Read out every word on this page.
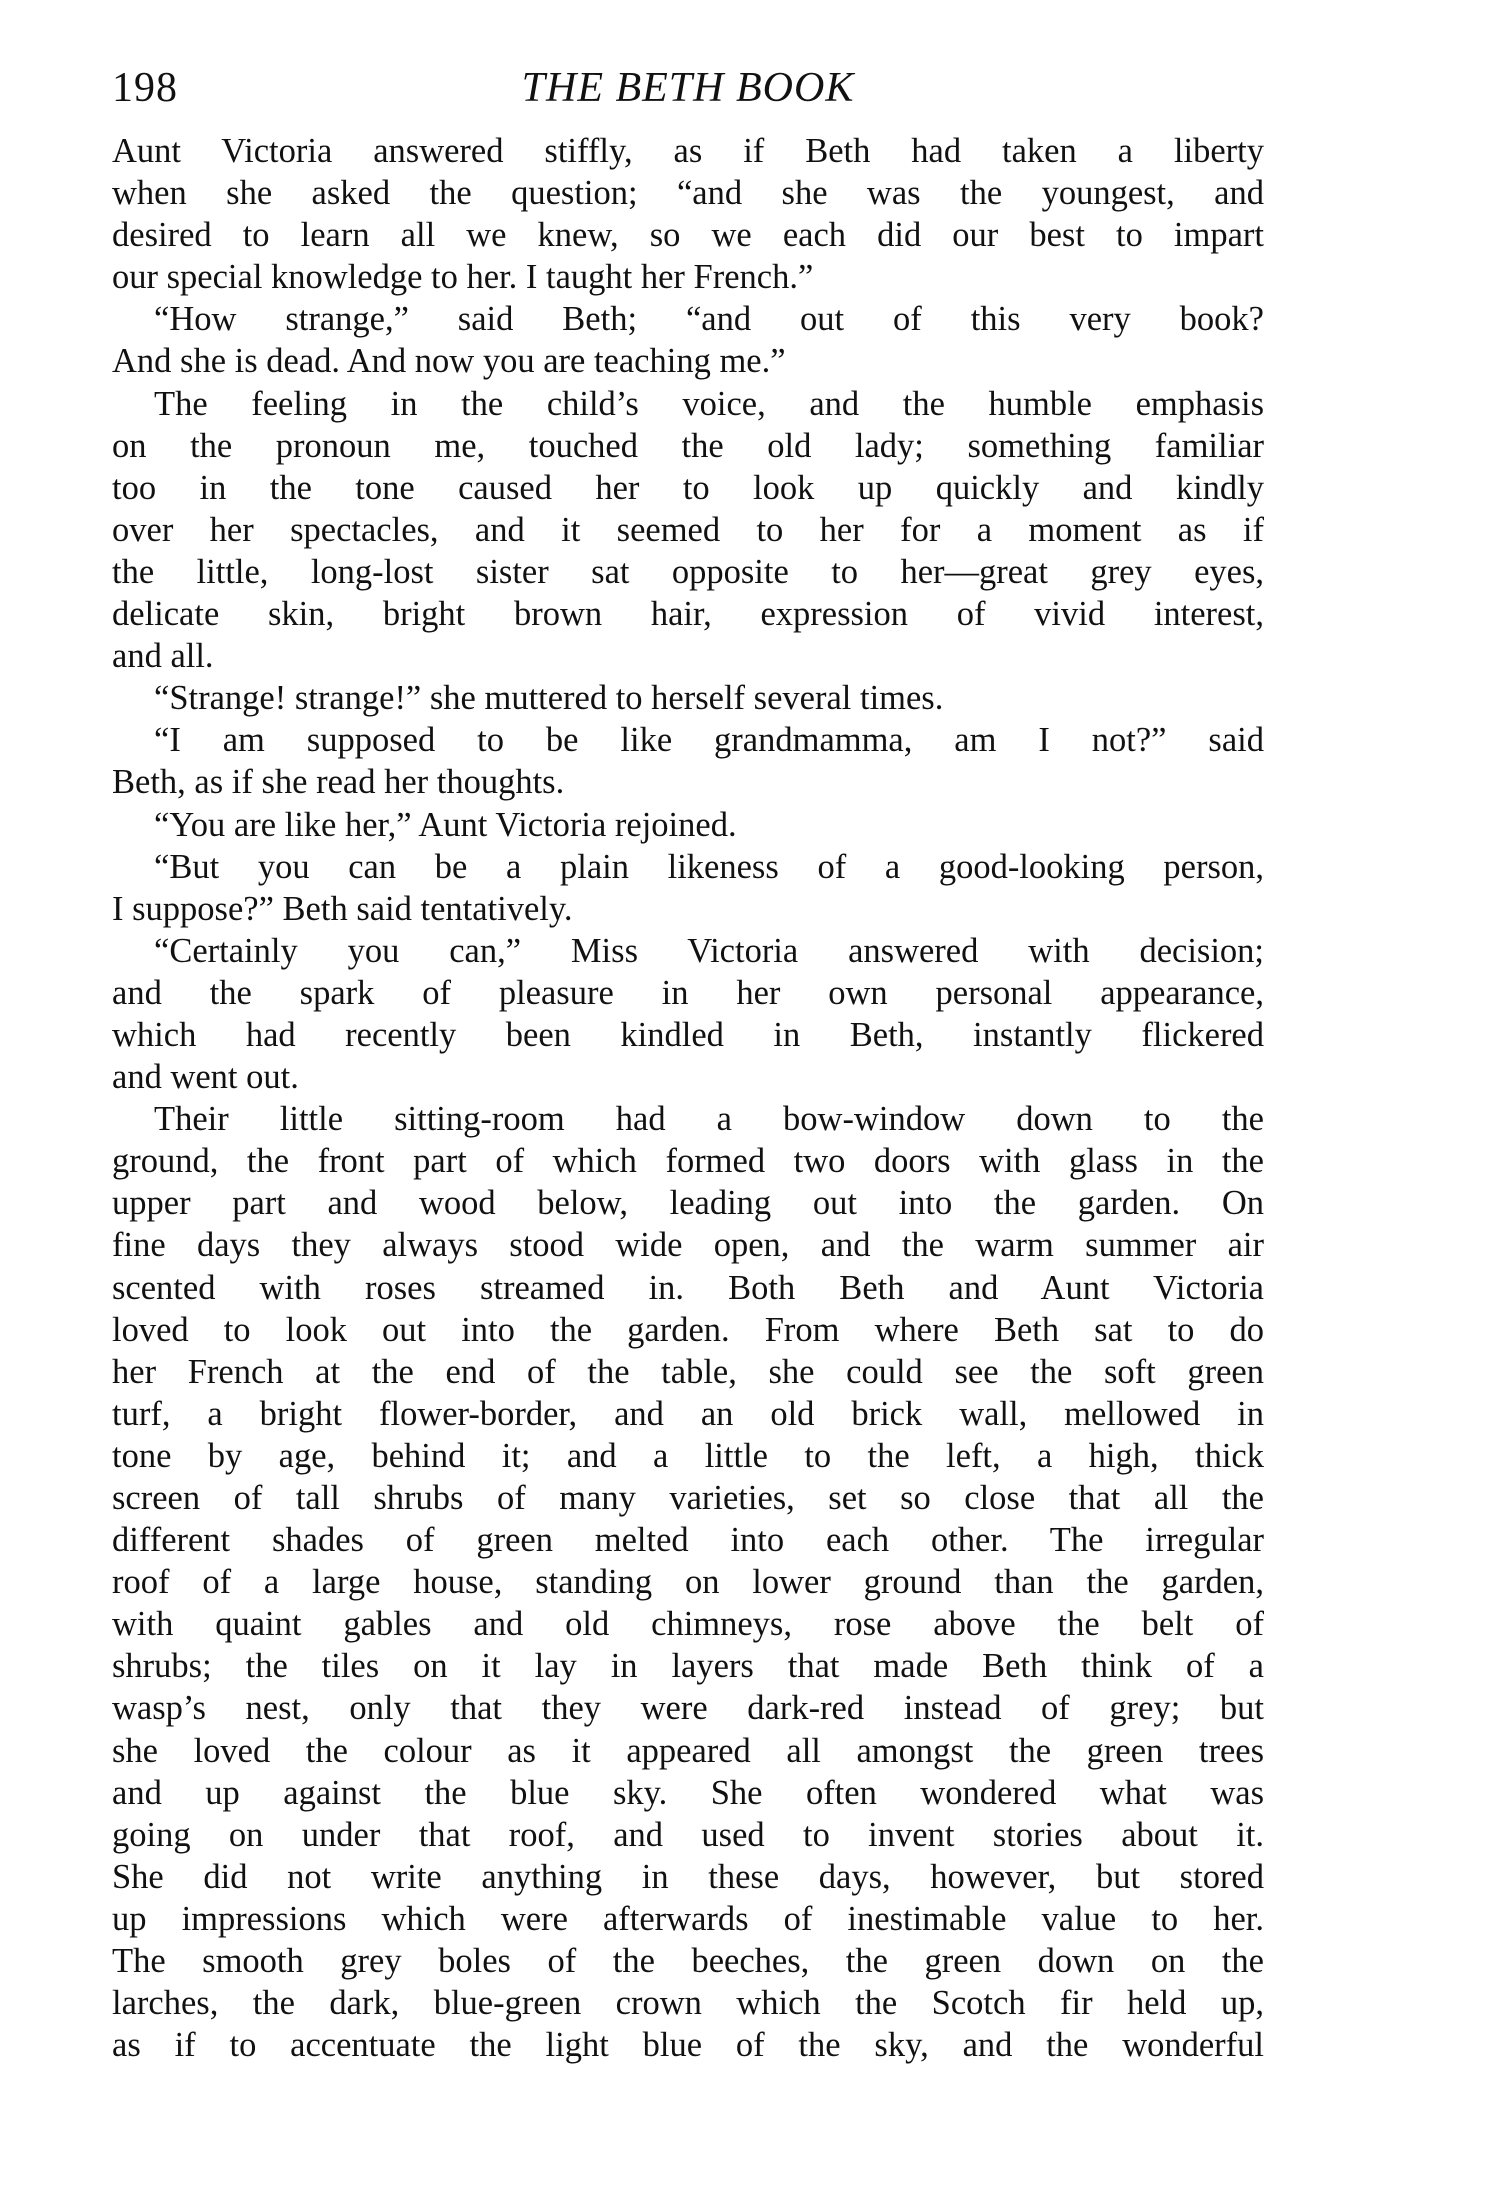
198	THE BETH BOOK
Aunt Victoria answered stiffly, as if Beth had taken a liberty
when she asked the question; “and she was the youngest, and
desired to learn all we knew, so we each did our best to impart
our special knowledge to her. I taught her French.”
“How strange,” said Beth; “and out of this very book?
And she is dead. And now you are teaching me.”
The feeling in the child’s voice, and the humble emphasis
on the pronoun me, touched the old lady; something familiar
too in the tone caused her to look up quickly and kindly
over her spectacles, and it seemed to her for a moment as if
the little, long-lost sister sat opposite to her—great grey eyes,
delicate skin, bright brown hair, expression of vivid interest,
and all.
“Strange! strange!” she muttered to herself several times.
“I am supposed to be like grandmamma, am I not?” said
Beth, as if she read her thoughts.
“You are like her,” Aunt Victoria rejoined.
“But you can be a plain likeness of a good-looking person,
I suppose?” Beth said tentatively.
“Certainly you can,” Miss Victoria answered with decision;
and the spark of pleasure in her own personal appearance,
which had recently been kindled in Beth, instantly flickered
and went out.
Their little sitting-room had a bow-window down to the
ground, the front part of which formed two doors with glass in the
upper part and wood below, leading out into the garden. On
fine days they always stood wide open, and the warm summer air
scented with roses streamed in. Both Beth and Aunt Victoria
loved to look out into the garden. From where Beth sat to do
her French at the end of the table, she could see the soft green
turf, a bright flower-border, and an old brick wall, mellowed in
tone by age, behind it; and a little to the left, a high, thick
screen of tall shrubs of many varieties, set so close that all the
different shades of green melted into each other. The irregular
roof of a large house, standing on lower ground than the garden,
with quaint gables and old chimneys, rose above the belt of
shrubs; the tiles on it lay in layers that made Beth think of a
wasp’s nest, only that they were dark-red instead of grey; but
she loved the colour as it appeared all amongst the green trees
and up against the blue sky. She often wondered what was
going on under that roof, and used to invent stories about it.
She did not write anything in these days, however, but stored
up impressions which were afterwards of inestimable value to her.
The smooth grey boles of the beeches, the green down on the
larches, the dark, blue-green crown which the Scotch fir held up,
as if to accentuate the light blue of the sky, and the wonderful
